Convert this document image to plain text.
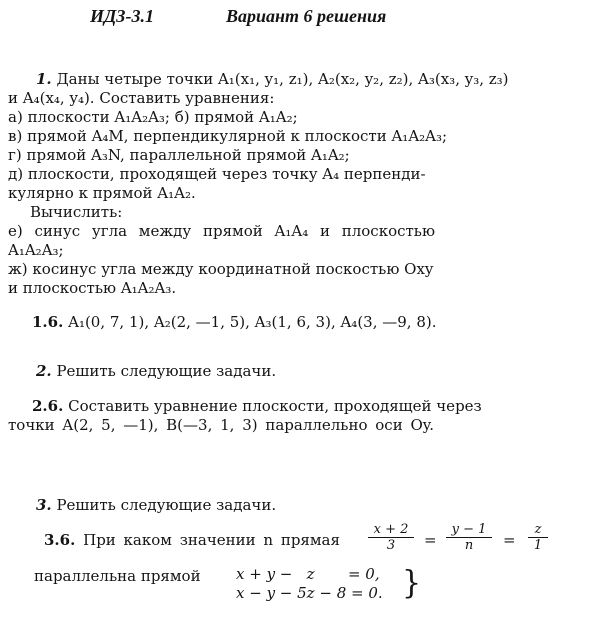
ИДЗ-3.1	Вариант 6 решения
1. Даны четыре точки A₁(x₁, y₁, z₁), A₂(x₂, y₂, z₂), A₃(x₃, y₃, z₃)
и A₄(x₄, y₄). Составить уравнения:
а) плоскости A₁A₂A₃; б) прямой A₁A₂;
в) прямой A₄M, перпендикулярной к плоскости A₁A₂A₃;
г) прямой A₃N, параллельной прямой A₁A₂;
д) плоскости, проходящей через точку A₄ перпенди-
кулярно к прямой A₁A₂.
Вычислить:
е) синус угла между прямой A₁A₄ и плоскостью
A₁A₂A₃;
ж) косинус угла между координатной поскостью Oxy
и плоскостью A₁A₂A₃.
1.6. A₁(0, 7, 1), A₂(2, —1, 5), A₃(1, 6, 3), A₄(3, —9, 8).
2. Решить следующие задачи.
2.6. Составить уравнение плоскости, проходящей через
точки A(2, 5, —1), B(—3, 1, 3) параллельно оси Oy.
3. Решить следующие задачи.
3.6. При каком значении n прямая $\frac{x + 2}{3} = \frac{y - 1}{n} = \frac{z}{1}$
параллельна прямой x + y −   z       = 0,
x − y − 5z − 8 = 0. }
